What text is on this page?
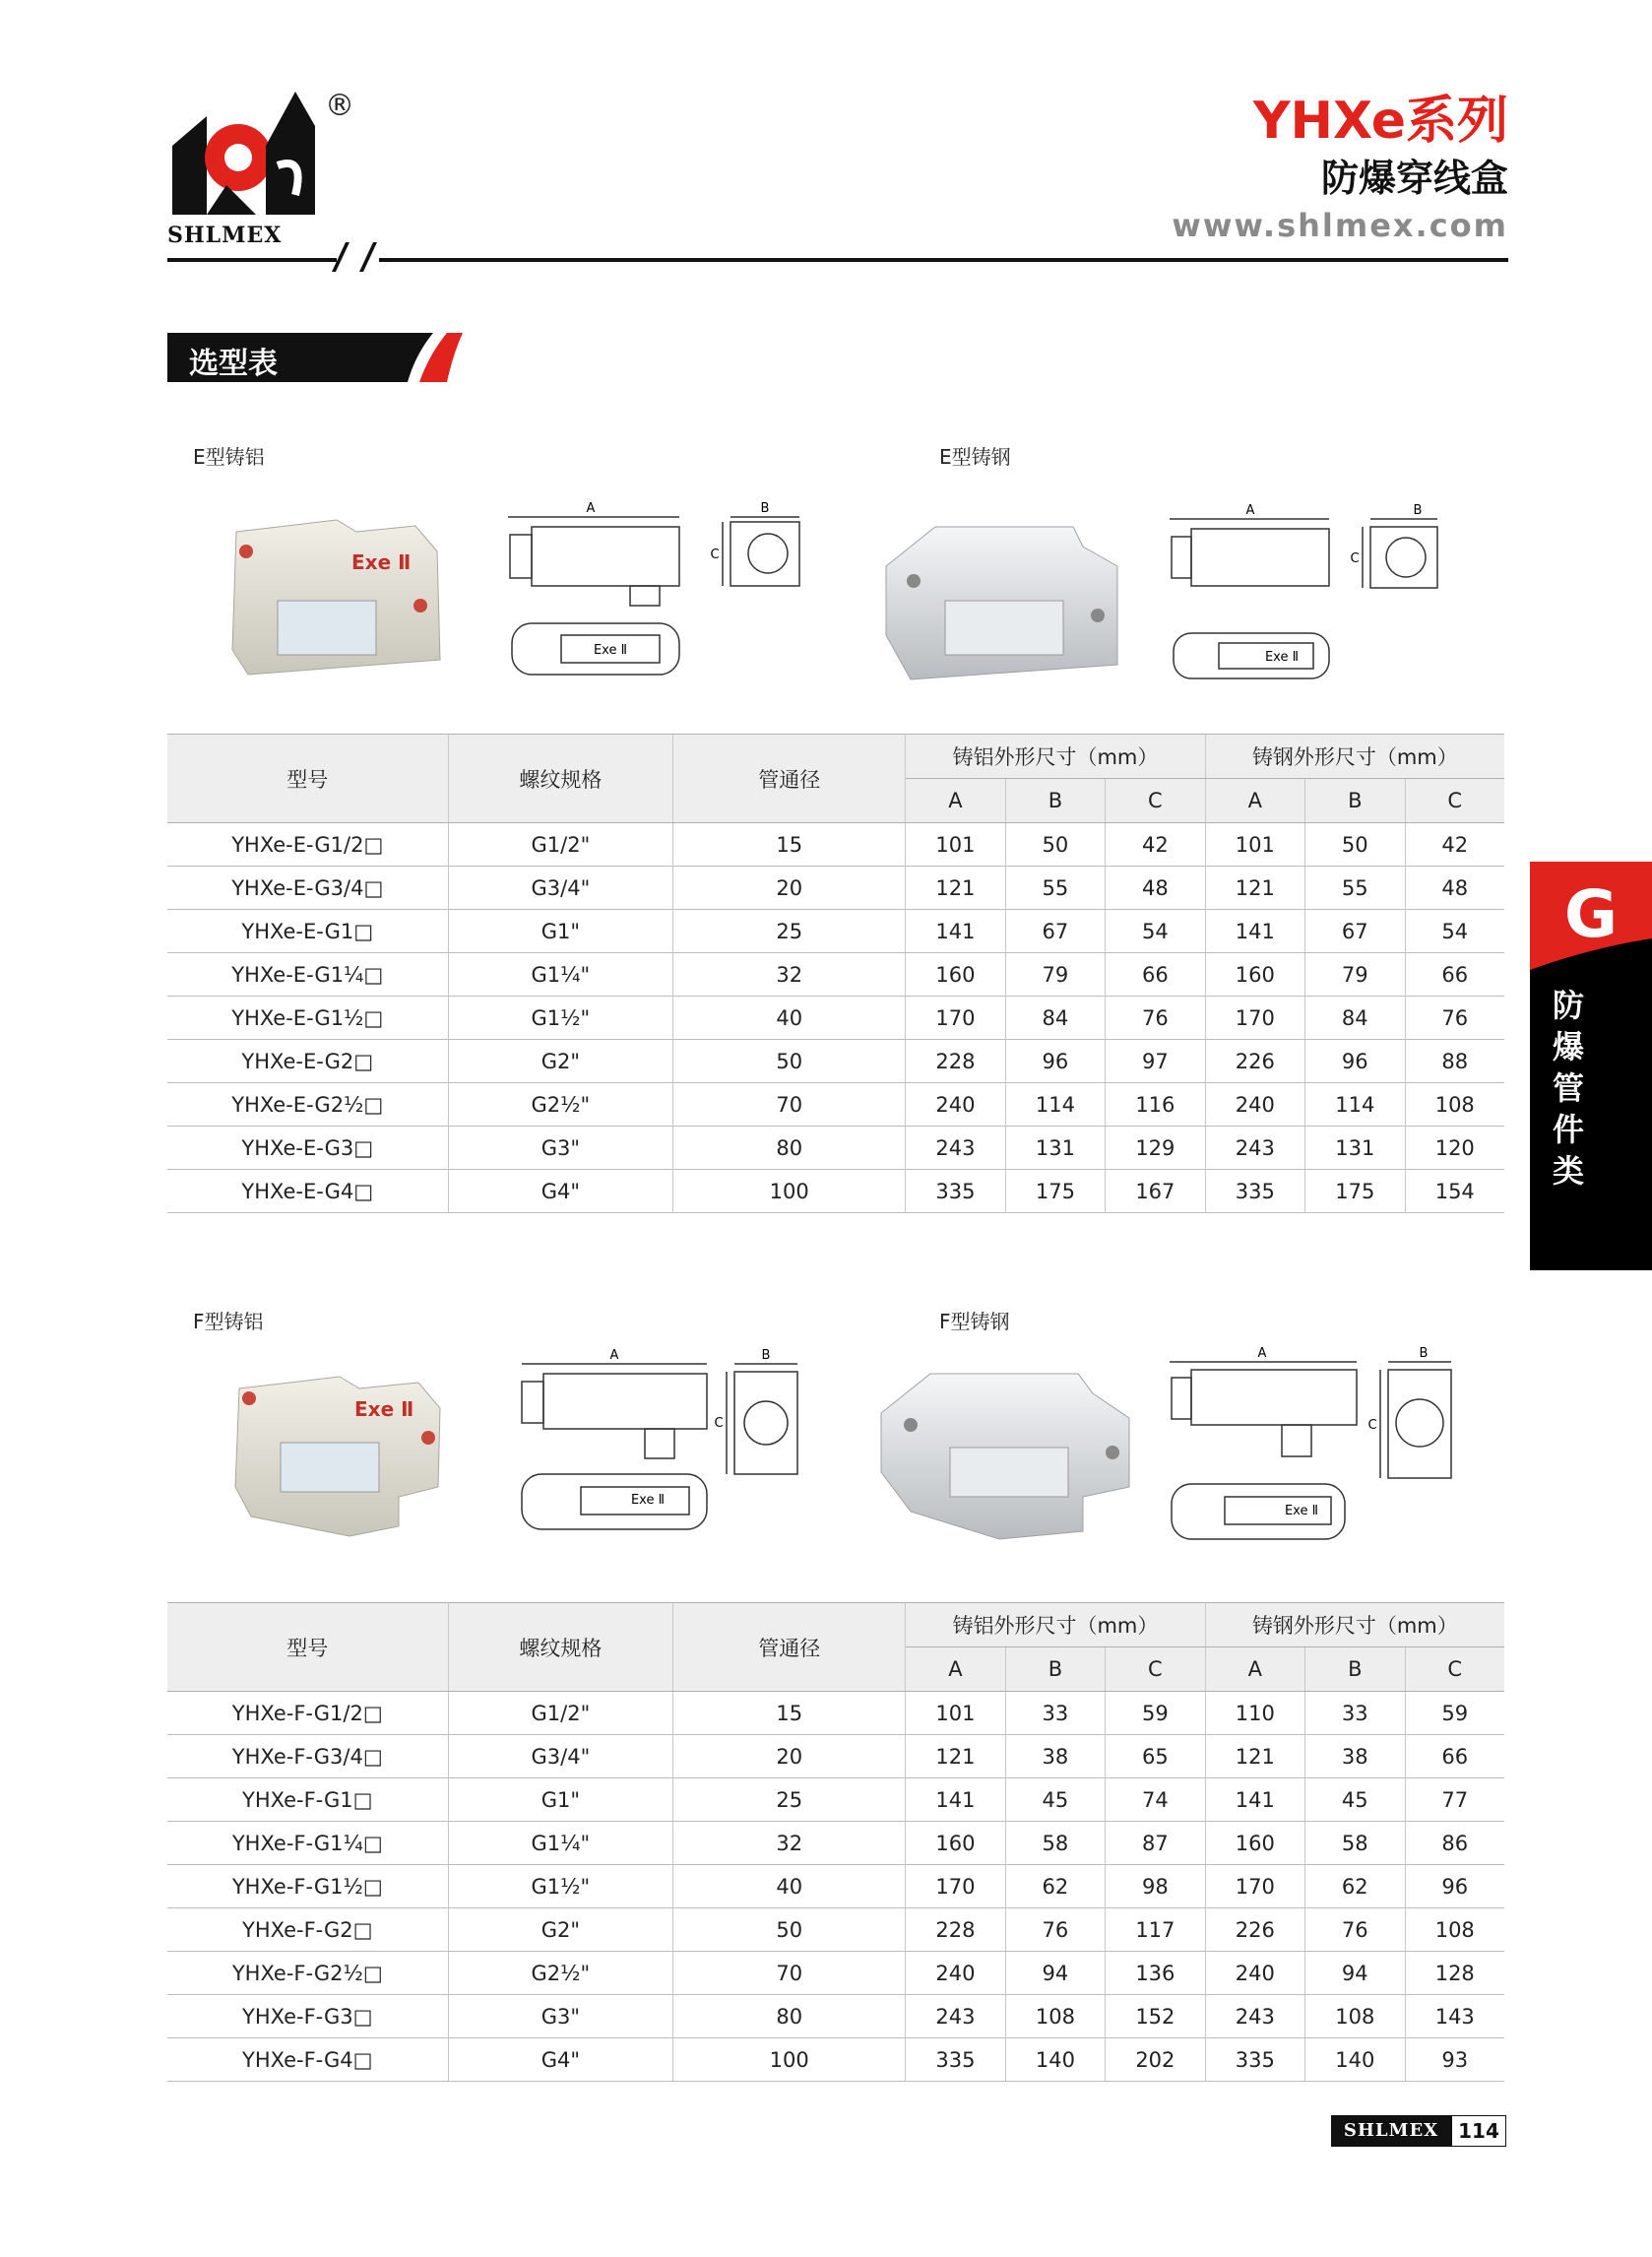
®
SHLMEX
YHXe系列
防爆穿线盒
www.shlmex.com
选型表
G
防
爆
管
件
类
E型铸铝	E型铸钢
Exe Ⅱ
A	B
C
Exe Ⅱ
A	B
C
Exe Ⅱ
型号	螺纹规格	管通径	铸铝外形尺寸（mm）			铸钢外形尺寸（mm）		
			A	B	C	A	B	C
YHXe-E-G1/2□	G1/2"	15	101	50	42	101	50	42
YHXe-E-G3/4□	G3/4"	20	121	55	48	121	55	48
YHXe-E-G1□	G1"	25	141	67	54	141	67	54
YHXe-E-G1¼□	G1¼"	32	160	79	66	160	79	66
YHXe-E-G1½□	G1½"	40	170	84	76	170	84	76
YHXe-E-G2□	G2"	50	228	96	97	226	96	88
YHXe-E-G2½□	G2½"	70	240	114	116	240	114	108
YHXe-E-G3□	G3"	80	243	131	129	243	131	120
YHXe-E-G4□	G4"	100	335	175	167	335	175	154
F型铸铝	F型铸钢
Exe Ⅱ
A	B
C
Exe Ⅱ
A	B
C
Exe Ⅱ
型号	螺纹规格	管通径	铸铝外形尺寸（mm）			铸钢外形尺寸（mm）		
			A	B	C	A	B	C
YHXe-F-G1/2□	G1/2"	15	101	33	59	110	33	59
YHXe-F-G3/4□	G3/4"	20	121	38	65	121	38	66
YHXe-F-G1□	G1"	25	141	45	74	141	45	77
YHXe-F-G1¼□	G1¼"	32	160	58	87	160	58	86
YHXe-F-G1½□	G1½"	40	170	62	98	170	62	96
YHXe-F-G2□	G2"	50	228	76	117	226	76	108
YHXe-F-G2½□	G2½"	70	240	94	136	240	94	128
YHXe-F-G3□	G3"	80	243	108	152	243	108	143
YHXe-F-G4□	G4"	100	335	140	202	335	140	93
SHLMEX 114
